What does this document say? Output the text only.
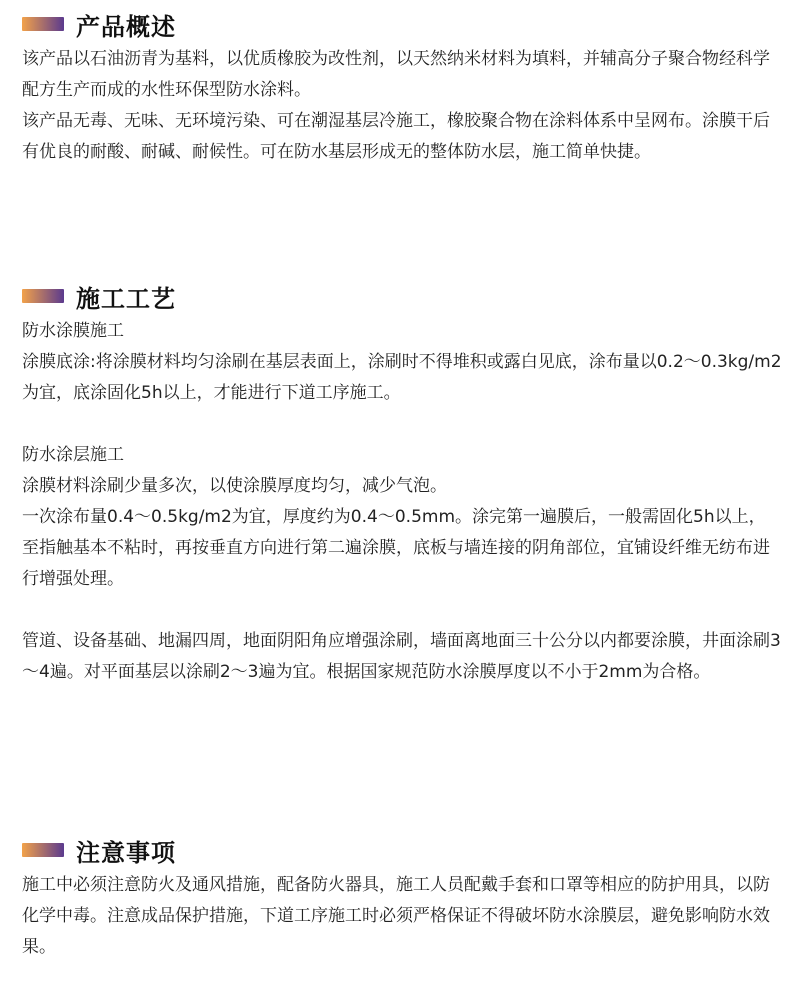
产品概述

该产品以石油沥青为基料，以优质橡胶为改性剂，以天然纳米材料为填料，并辅高分子聚合物经科学配方生产而成的水性环保型防水涂料。

该产品无毒、无味、无环境污染、可在潮湿基层冷施工，橡胶聚合物在涂料体系中呈网布。涂膜干后有优良的耐酸、耐碱、耐候性。可在防水基层形成无的整体防水层，施工简单快捷。

施工工艺

防水涂膜施工

涂膜底涂:将涂膜材料均匀涂刷在基层表面上，涂刷时不得堆积或露白见底，涂布量以0.2～0.3kg/m2为宜，底涂固化5h以上，才能进行下道工序施工。

防水涂层施工

涂膜材料涂刷少量多次，以使涂膜厚度均匀，减少气泡。

一次涂布量0.4～0.5kg/m2为宜，厚度约为0.4～0.5mm。涂完第一遍膜后，一般需固化5h以上，至指触基本不粘时，再按垂直方向进行第二遍涂膜，底板与墙连接的阴角部位，宜铺设纤维无纺布进行增强处理。

管道、设备基础、地漏四周，地面阴阳角应增强涂刷，墙面离地面三十公分以内都要涂膜，井面涂刷3～4遍。对平面基层以涂刷2～3遍为宜。根据国家规范防水涂膜厚度以不小于2mm为合格。

注意事项

施工中必须注意防火及通风措施，配备防火器具，施工人员配戴手套和口罩等相应的防护用具，以防化学中毒。注意成品保护措施，下道工序施工时必须严格保证不得破坏防水涂膜层，避免影响防水效果。
